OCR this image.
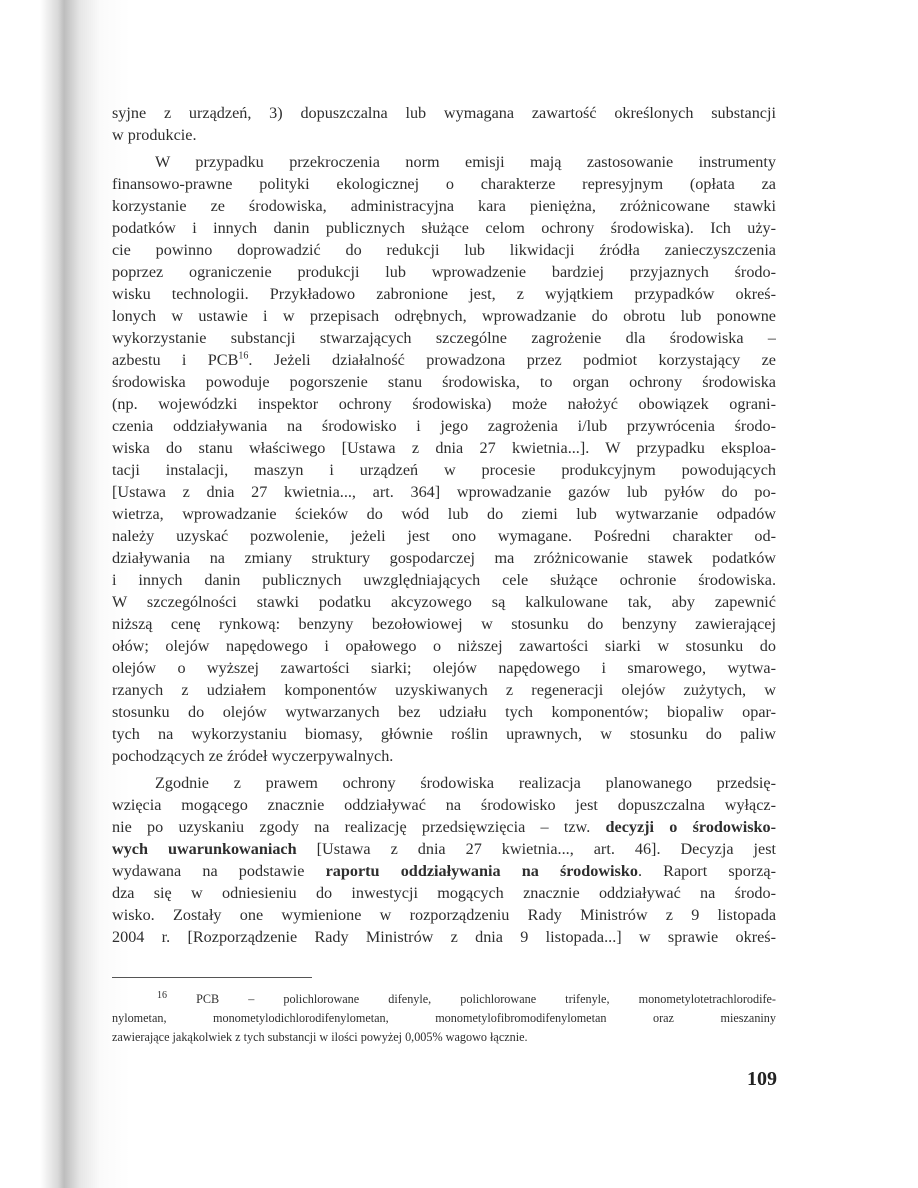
syjne z urządzeń, 3) dopuszczalna lub wymagana zawartość określonych substancji
w produkcie.
W przypadku przekroczenia norm emisji mają zastosowanie instrumenty
finansowo-prawne polityki ekologicznej o charakterze represyjnym (opłata za
korzystanie ze środowiska, administracyjna kara pieniężna, zróżnicowane stawki
podatków i innych danin publicznych służące celom ochrony środowiska). Ich uży-
cie powinno doprowadzić do redukcji lub likwidacji źródła zanieczyszczenia
poprzez ograniczenie produkcji lub wprowadzenie bardziej przyjaznych środo-
wisku technologii. Przykładowo zabronione jest, z wyjątkiem przypadków okreś-
lonych w ustawie i w przepisach odrębnych, wprowadzanie do obrotu lub ponowne
wykorzystanie substancji stwarzających szczególne zagrożenie dla środowiska –
azbestu i PCB$^{16}$. Jeżeli działalność prowadzona przez podmiot korzystający ze
środowiska powoduje pogorszenie stanu środowiska, to organ ochrony środowiska
(np. wojewódzki inspektor ochrony środowiska) może nałożyć obowiązek ograni-
czenia oddziaływania na środowisko i jego zagrożenia i/lub przywrócenia środo-
wiska do stanu właściwego [Ustawa z dnia 27 kwietnia...]. W przypadku eksploa-
tacji instalacji, maszyn i urządzeń w procesie produkcyjnym powodujących
[Ustawa z dnia 27 kwietnia..., art. 364] wprowadzanie gazów lub pyłów do po-
wietrza, wprowadzanie ścieków do wód lub do ziemi lub wytwarzanie odpadów
należy uzyskać pozwolenie, jeżeli jest ono wymagane. Pośredni charakter od-
działywania na zmiany struktury gospodarczej ma zróżnicowanie stawek podatków
i innych danin publicznych uwzględniających cele służące ochronie środowiska.
W szczególności stawki podatku akcyzowego są kalkulowane tak, aby zapewnić
niższą cenę rynkową: benzyny bezołowiowej w stosunku do benzyny zawierającej
ołów; olejów napędowego i opałowego o niższej zawartości siarki w stosunku do
olejów o wyższej zawartości siarki; olejów napędowego i smarowego, wytwa-
rzanych z udziałem komponentów uzyskiwanych z regeneracji olejów zużytych, w
stosunku do olejów wytwarzanych bez udziału tych komponentów; biopaliw opar-
tych na wykorzystaniu biomasy, głównie roślin uprawnych, w stosunku do paliw
pochodzących ze źródeł wyczerpywalnych.
Zgodnie z prawem ochrony środowiska realizacja planowanego przedsię-
wzięcia mogącego znacznie oddziaływać na środowisko jest dopuszczalna wyłącz-
nie po uzyskaniu zgody na realizację przedsięwzięcia – tzw. decyzji o środowisko-
wych uwarunkowaniach [Ustawa z dnia 27 kwietnia..., art. 46]. Decyzja jest
wydawana na podstawie raportu oddziaływania na środowisko. Raport sporzą-
dza się w odniesieniu do inwestycji mogących znacznie oddziaływać na środo-
wisko. Zostały one wymienione w rozporządzeniu Rady Ministrów z 9 listopada
2004 r. [Rozporządzenie Rady Ministrów z dnia 9 listopada...] w sprawie okreś-
$^{16}$ PCB – polichlorowane difenyle, polichlorowane trifenyle, monometylotetrachlorodife-
nylometan, monometylodichlorodifenylometan, monometylofibromodifenylometan oraz mieszaniny
zawierające jakąkolwiek z tych substancji w ilości powyżej 0,005% wagowo łącznie.
109
